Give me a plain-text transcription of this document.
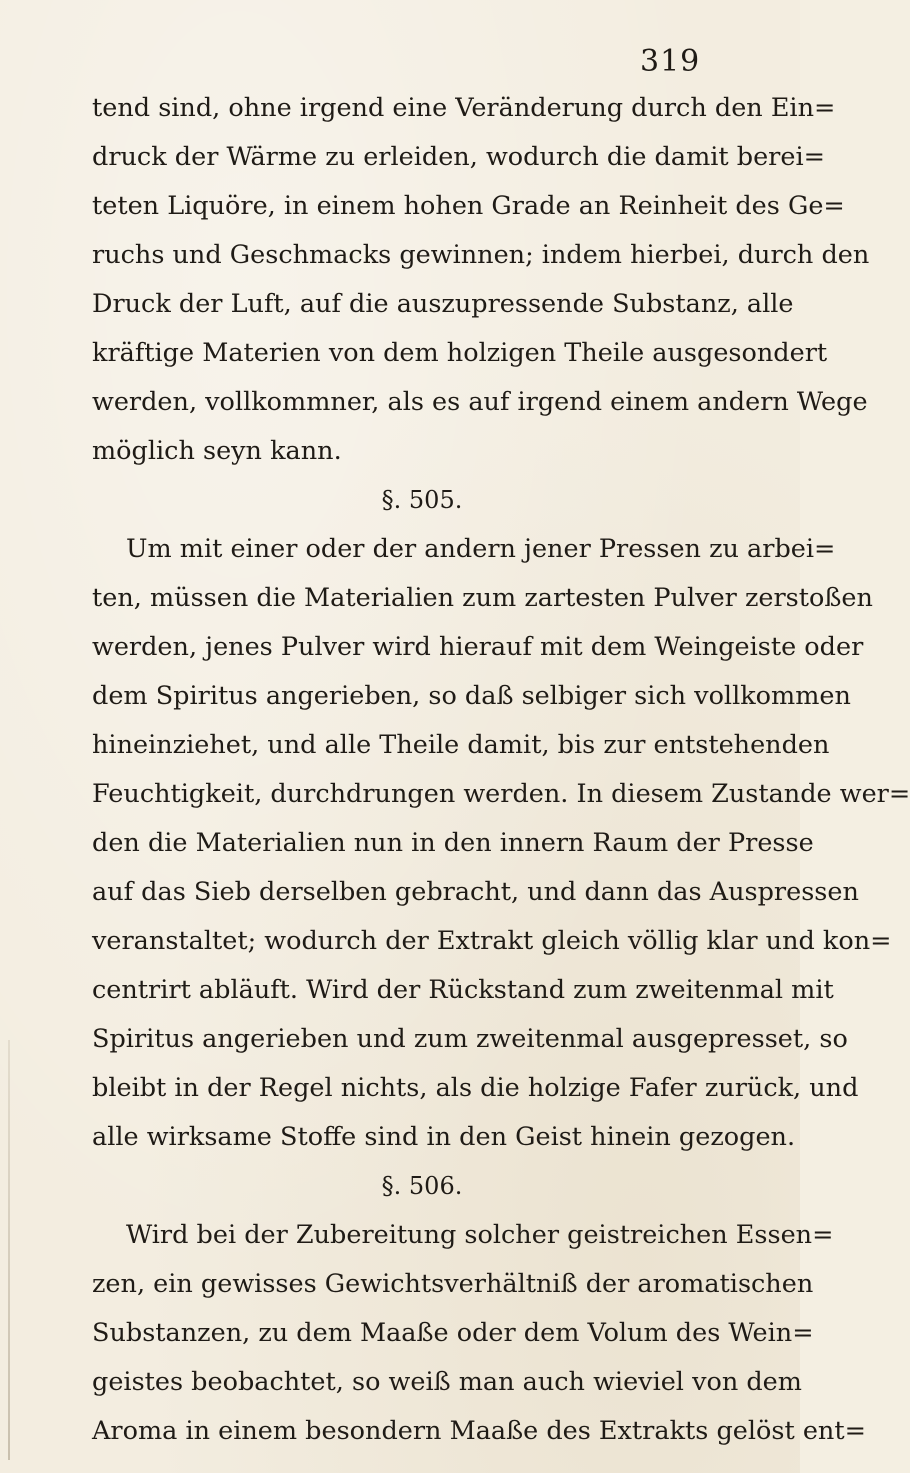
319
tend sind, ohne irgend eine Veränderung durch den Ein=
druck der Wärme zu erleiden, wodurch die damit berei=
teten Liquöre, in einem hohen Grade an Reinheit des Ge=
ruchs und Geschmacks gewinnen; indem hierbei, durch den
Druck der Luft, auf die auszupressende Substanz, alle
kräftige Materien von dem holzigen Theile ausgesondert
werden, vollkommner, als es auf irgend einem andern Wege
möglich seyn kann.
§. 505.
Um mit einer oder der andern jener Pressen zu arbei=
ten, müssen die Materialien zum zartesten Pulver zerstoßen
werden, jenes Pulver wird hierauf mit dem Weingeiste oder
dem Spiritus angerieben, so daß selbiger sich vollkommen
hineinziehet, und alle Theile damit, bis zur entstehenden
Feuchtigkeit, durchdrungen werden. In diesem Zustande wer=
den die Materialien nun in den innern Raum der Presse
auf das Sieb derselben gebracht, und dann das Auspressen
veranstaltet; wodurch der Extrakt gleich völlig klar und kon=
centrirt abläuft. Wird der Rückstand zum zweitenmal mit
Spiritus angerieben und zum zweitenmal ausgepresset, so
bleibt in der Regel nichts, als die holzige Fafer zurück, und
alle wirksame Stoffe sind in den Geist hinein gezogen.
§. 506.
Wird bei der Zubereitung solcher geistreichen Essen=
zen, ein gewisses Gewichtsverhältniß der aromatischen
Substanzen, zu dem Maaße oder dem Volum des Wein=
geistes beobachtet, so weiß man auch wieviel von dem
Aroma in einem besondern Maaße des Extrakts gelöst ent=
